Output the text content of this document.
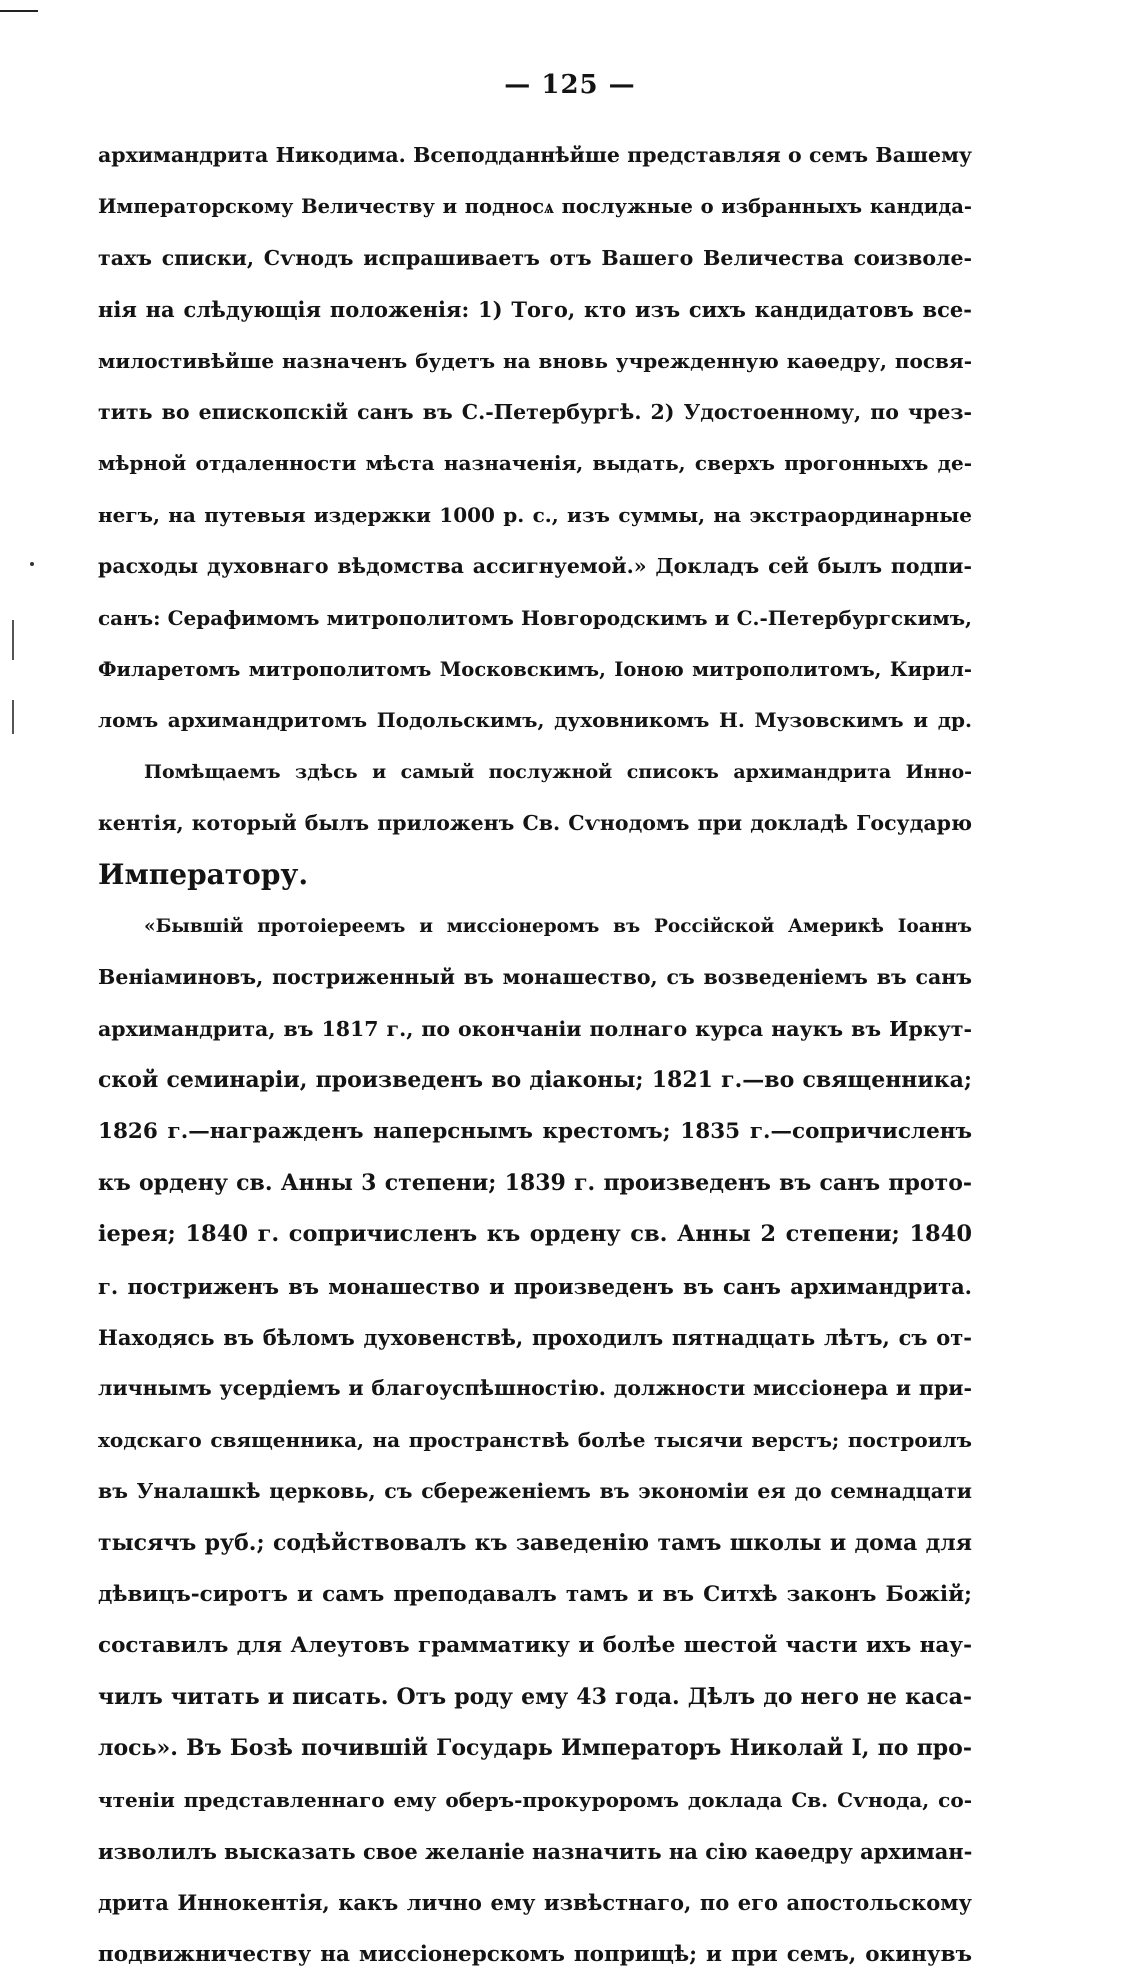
— 125 —
архимандрита Никодима. Всеподданнѣйше представляя о семъ Вашему
Императорскому Величеству и подносѧ послужные о избранныхъ кандида-
тахъ списки, Сѵнодъ испрашиваетъ отъ Вашего Величества соизволе-
нія на слѣдующія положенія: 1) Того, кто изъ сихъ кандидатовъ все-
милостивѣйше назначенъ будетъ на вновь учрежденную каѳедру, посвя-
тить во епископскій санъ въ С.-Петербургѣ. 2) Удостоенному, по чрез-
мѣрной отдаленности мѣста назначенія, выдать, сверхъ прогонныхъ де-
негъ, на путевыя издержки 1000 р. с., изъ суммы, на экстраординарные
расходы духовнаго вѣдомства ассигнуемой.» Докладъ сей былъ подпи-
санъ: Серафимомъ митрополитомъ Новгородскимъ и С.-Петербургскимъ,
Филаретомъ митрополитомъ Московскимъ, Іоною митрополитомъ, Кирил-
ломъ архимандритомъ Подольскимъ, духовникомъ Н. Музовскимъ и др.
Помѣщаемъ здѣсь и самый послужной списокъ архимандрита Инно-
кентія, который былъ приложенъ Св. Сѵнодомъ при докладѣ Государю
Императору.
«Бывшій протоіереемъ и миссіонеромъ въ Россійской Америкѣ Іоаннъ
Веніаминовъ, постриженный въ монашество, съ возведеніемъ въ санъ
архимандрита, въ 1817 г., по окончаніи полнаго курса наукъ въ Иркут-
ской семинаріи, произведенъ во діаконы; 1821 г.—во священника;
1826 г.—награжденъ наперснымъ крестомъ; 1835 г.—сопричисленъ
къ ордену св. Анны 3 степени; 1839 г. произведенъ въ санъ прото-
іерея; 1840 г. сопричисленъ къ ордену св. Анны 2 степени; 1840
г. постриженъ въ монашество и произведенъ въ санъ архимандрита.
Находясь въ бѣломъ духовенствѣ, проходилъ пятнадцать лѣтъ, съ от-
личнымъ усердіемъ и благоуспѣшностію. должности миссіонера и при-
ходскаго священника, на пространствѣ болѣе тысячи верстъ; построилъ
въ Уналашкѣ церковь, съ сбереженіемъ въ экономіи ея до семнадцати
тысячъ руб.; содѣйствовалъ къ заведенію тамъ школы и дома для
дѣвицъ-сиротъ и самъ преподавалъ тамъ и въ Ситхѣ законъ Божій;
составилъ для Алеутовъ грамматику и болѣе шестой части ихъ нау-
чилъ читать и писать. Отъ роду ему 43 года. Дѣлъ до него не каса-
лось». Въ Бозѣ почившій Государь Императоръ Николай I, по про-
чтеніи представленнаго ему оберъ-прокуроромъ доклада Св. Сѵнода, со-
изволилъ высказать свое желаніе назначить на сію каѳедру архиман-
дрита Иннокентія, какъ лично ему извѣстнаго, по его апостольскому
подвижничеству на миссіонерскомъ поприщѣ; и при семъ, окинувъ
